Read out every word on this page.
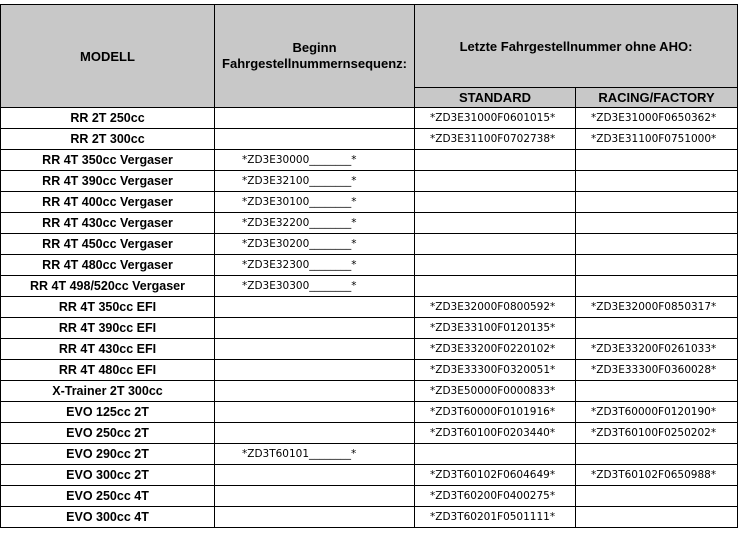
MODELL	Beginn
Fahrgestellnummernsequenz:	Letzte Fahrgestellnummer ohne AHO:	
		STANDARD	RACING/FACTORY
RR 2T 250cc		*ZD3E31000F0601015*	*ZD3E31000F0650362*
RR 2T 300cc		*ZD3E31100F0702738*	*ZD3E31100F0751000*
RR 4T 350cc Vergaser	*ZD3E30000________*		
RR 4T 390cc Vergaser	*ZD3E32100________*		
RR 4T 400cc Vergaser	*ZD3E30100________*		
RR 4T 430cc Vergaser	*ZD3E32200________*		
RR 4T 450cc Vergaser	*ZD3E30200________*		
RR 4T 480cc Vergaser	*ZD3E32300________*		
RR 4T 498/520cc Vergaser	*ZD3E30300________*		
RR 4T 350cc EFI		*ZD3E32000F0800592*	*ZD3E32000F0850317*
RR 4T 390cc EFI		*ZD3E33100F0120135*	
RR 4T 430cc EFI		*ZD3E33200F0220102*	*ZD3E33200F0261033*
RR 4T 480cc EFI		*ZD3E33300F0320051*	*ZD3E33300F0360028*
X-Trainer 2T 300cc		*ZD3E50000F0000833*	
EVO 125cc 2T		*ZD3T60000F0101916*	*ZD3T60000F0120190*
EVO 250cc 2T		*ZD3T60100F0203440*	*ZD3T60100F0250202*
EVO 290cc 2T	*ZD3T60101________*		
EVO 300cc 2T		*ZD3T60102F0604649*	*ZD3T60102F0650988*
EVO 250cc 4T		*ZD3T60200F0400275*	
EVO 300cc 4T		*ZD3T60201F0501111*	
